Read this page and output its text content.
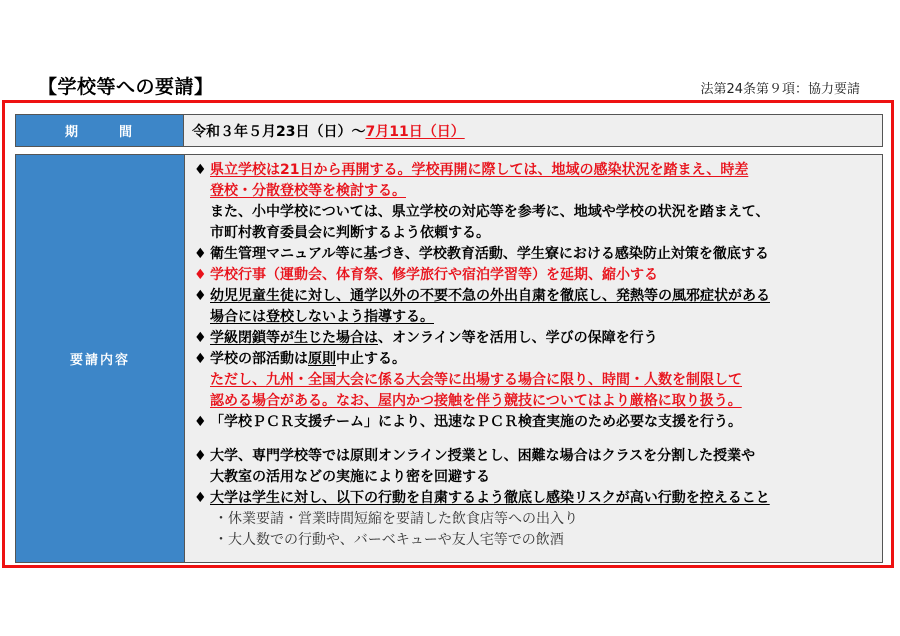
【学校等への要請】	法第24条第９項：協力要請
期　間	令和３年５月23日（日）～ 7月11日（日）
要請内容
♦ 県立学校は21日から再開する。学校再開に際しては、地域の感染状況を踏まえ、時差
登校・分散登校等を検討する。
また、小中学校については、県立学校の対応等を参考に、地域や学校の状況を踏まえて、
市町村教育委員会に判断するよう依頼する。
♦ 衛生管理マニュアル等に基づき、学校教育活動、学生寮における感染防止対策を徹底する
♦ 学校行事（運動会、体育祭、修学旅行や宿泊学習等）を延期、縮小する
♦ 幼児児童生徒に対し、通学以外の不要不急の外出自粛を徹底し、発熱等の風邪症状がある
場合には登校しないよう指導する。
♦ 学級閉鎖等が生じた場合は、オンライン等を活用し、学びの保障を行う
♦ 学校の部活動は原則中止する。
ただし、九州・全国大会に係る大会等に出場する場合に限り、時間・人数を制限して
認める場合がある。なお、屋内かつ接触を伴う競技についてはより厳格に取り扱う。
♦ 「学校ＰＣＲ支援チーム」により、迅速なＰＣＲ検査実施のため必要な支援を行う。
♦ 大学、専門学校等では原則オンライン授業とし、困難な場合はクラスを分割した授業や
大教室の活用などの実施により密を回避する
♦ 大学は学生に対し、以下の行動を自粛するよう徹底し感染リスクが高い行動を控えること
・休業要請・営業時間短縮を要請した飲食店等への出入り
・大人数での行動や、バーベキューや友人宅等での飲酒
